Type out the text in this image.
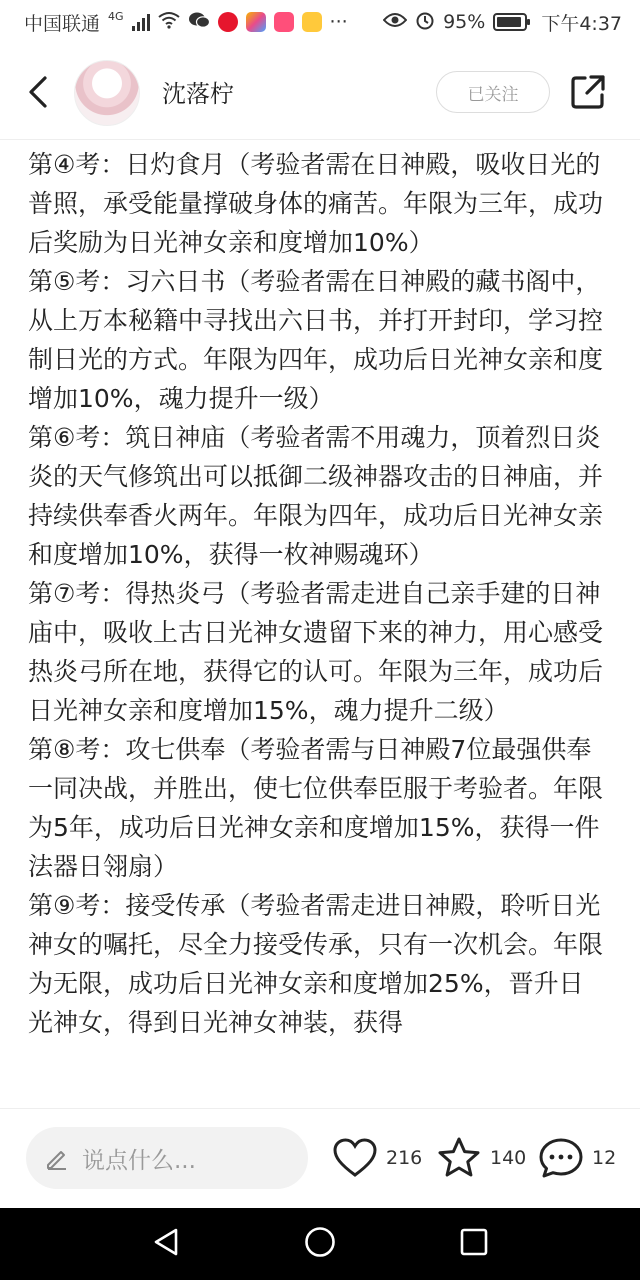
中国联通 4G	···	95%	下午4:37
沈落柠	已关注

第④考：日灼食月（考验者需在日神殿，吸收日光的普照，承受能量撑破身体的痛苦。年限为三年，成功后奖励为日光神女亲和度增加10%）

第⑤考：习六日书（考验者需在日神殿的藏书阁中，从上万本秘籍中寻找出六日书，并打开封印，学习控制日光的方式。年限为四年，成功后日光神女亲和度增加10%，魂力提升一级）

第⑥考：筑日神庙（考验者需不用魂力，顶着烈日炎炎的天气修筑出可以抵御二级神器攻击的日神庙，并持续供奉香火两年。年限为四年，成功后日光神女亲和度增加10%，获得一枚神赐魂环）

第⑦考：得热炎弓（考验者需走进自己亲手建的日神庙中，吸收上古日光神女遗留下来的神力，用心感受热炎弓所在地，获得它的认可。年限为三年，成功后日光神女亲和度增加15%，魂力提升二级）

第⑧考：攻七供奉（考验者需与日神殿7位最强供奉一同决战，并胜出，使七位供奉臣服于考验者。年限为5年，成功后日光神女亲和度增加15%，获得一件法器日翎扇）

第⑨考：接受传承（考验者需走进日神殿，聆听日光神女的嘱托，尽全力接受传承，只有一次机会。年限为无限，成功后日光神女亲和度增加25%，晋升日光神女，得到日光神女神装，获得

说点什么...	216	140	12
